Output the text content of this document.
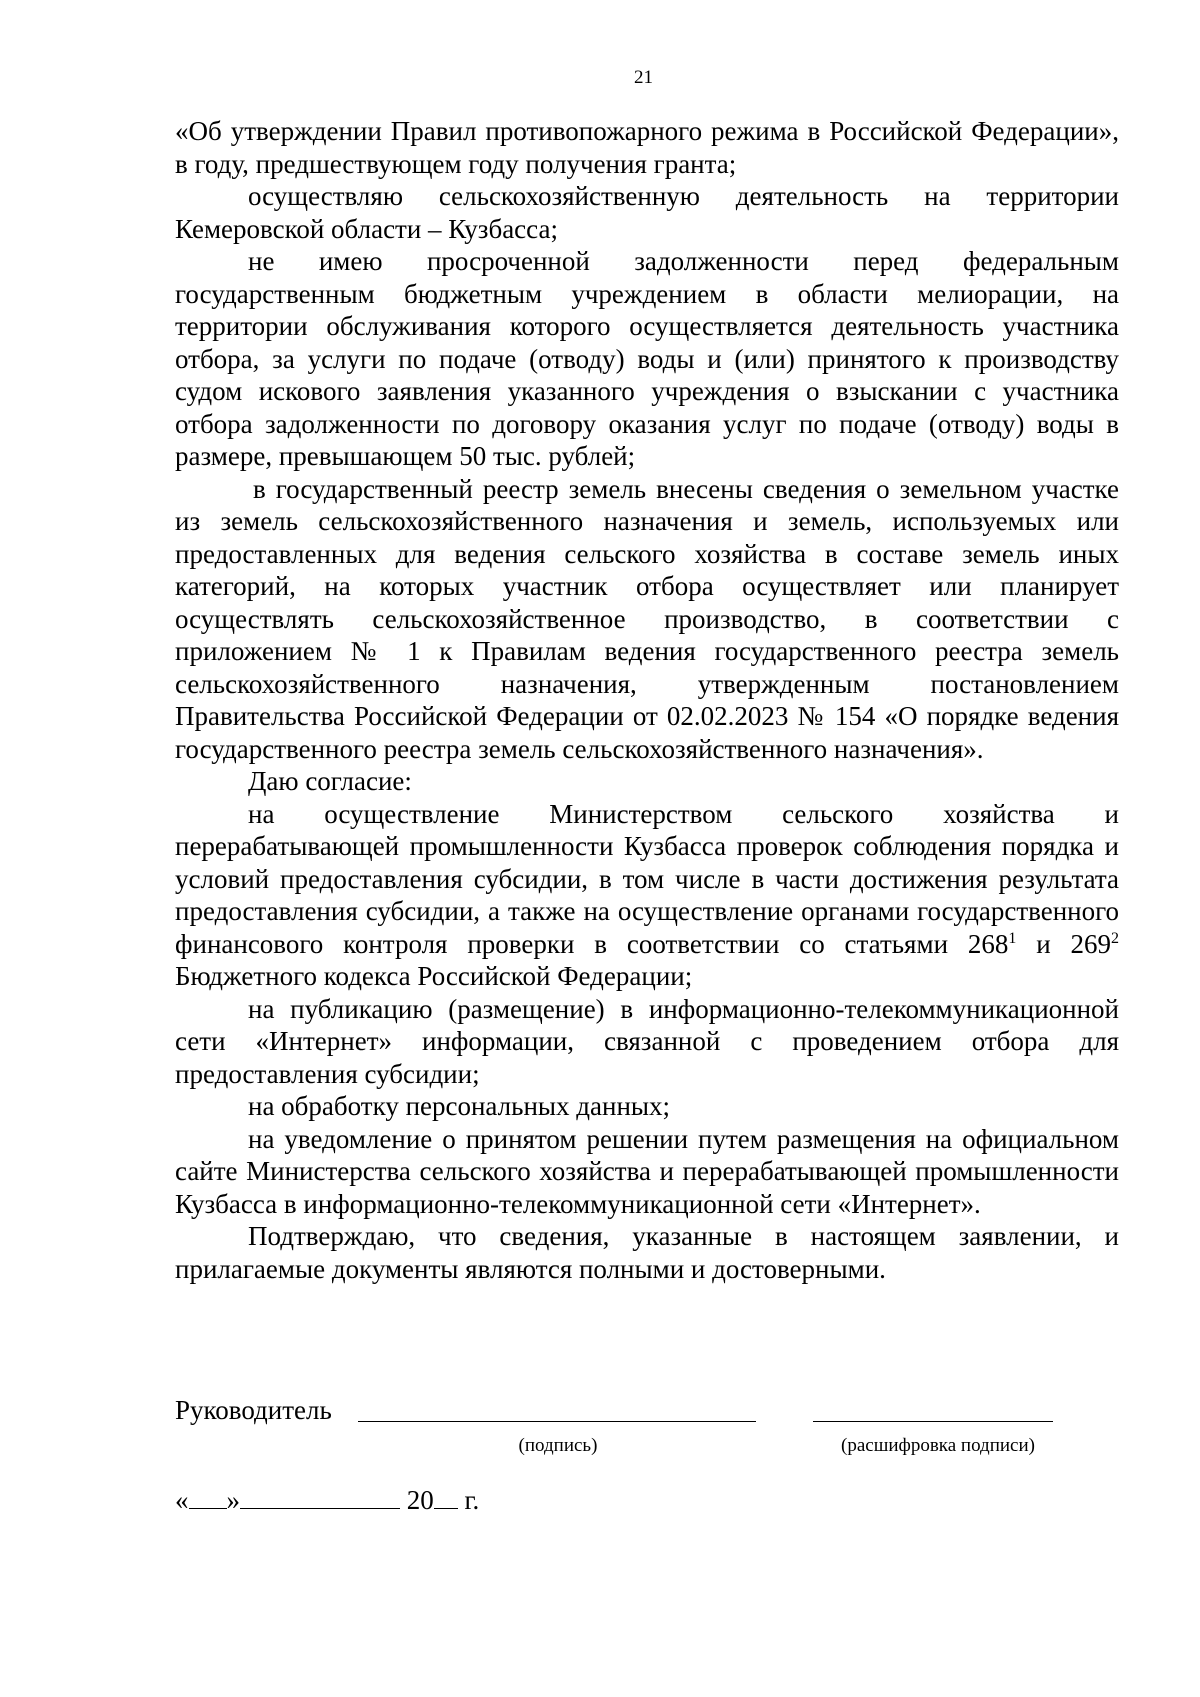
21

«Об утверждении Правил противопожарного режима в Российской Федерации», в году, предшествующем году получения гранта;

осуществляю сельскохозяйственную деятельность на территории Кемеровской области – Кузбасса;

не имею просроченной задолженности перед федеральным государственным бюджетным учреждением в области мелиорации, на территории обслуживания которого осуществляется деятельность участника отбора, за услуги по подаче (отводу) воды и (или) принятого к производству судом искового заявления указанного учреждения о взыскании с участника отбора задолженности по договору оказания услуг по подаче (отводу) воды в размере, превышающем 50 тыс. рублей;

в государственный реестр земель внесены сведения о земельном участке из земель сельскохозяйственного назначения и земель, используемых или предоставленных для ведения сельского хозяйства в составе земель иных категорий, на которых участник отбора осуществляет или планирует осуществлять сельскохозяйственное производство, в соответствии с приложением № 1 к Правилам ведения государственного реестра земель сельскохозяйственного назначения, утвержденным постановлением Правительства Российской Федерации от 02.02.2023 № 154 «О порядке ведения государственного реестра земель сельскохозяйственного назначения».

Даю согласие:

на осуществление Министерством сельского хозяйства и перерабатывающей промышленности Кузбасса проверок соблюдения порядка и условий предоставления субсидии, в том числе в части достижения результата предоставления субсидии, а также на осуществление органами государственного финансового контроля проверки в соответствии со статьями $268^1$ и $269^2$ Бюджетного кодекса Российской Федерации;

на публикацию (размещение) в информационно-телекоммуникационной сети «Интернет» информации, связанной с проведением отбора для предоставления субсидии;

на обработку персональных данных;

на уведомление о принятом решении путем размещения на официальном сайте Министерства сельского хозяйства и перерабатывающей промышленности Кузбасса в информационно-телекоммуникационной сети «Интернет».

Подтверждаю, что сведения, указанные в настоящем заявлении, и прилагаемые документы являются полными и достоверными.

Руководитель
(подпись)	(расшифровка подписи)
« »	20 г.
